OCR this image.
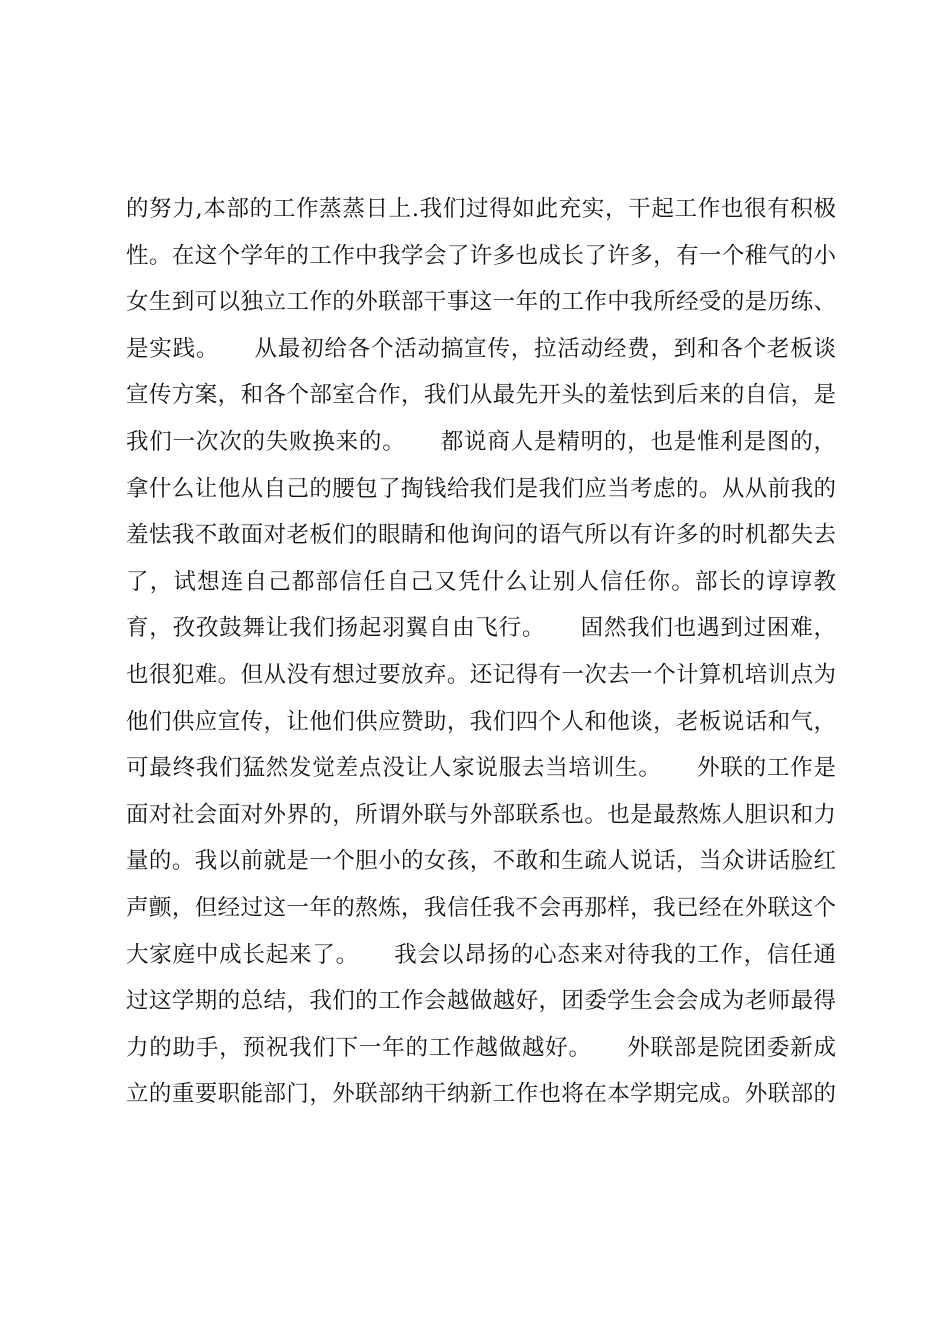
的努力,本部的工作蒸蒸日上.我们过得如此充实，干起工作也很有积极
性。在这个学年的工作中我学会了许多也成长了许多，有一个稚气的小
女生到可以独立工作的外联部干事这一年的工作中我所经受的是历练、
是实践。　　从最初给各个活动搞宣传，拉活动经费，到和各个老板谈
宣传方案，和各个部室合作，我们从最先开头的羞怯到后来的自信，是
我们一次次的失败换来的。　　都说商人是精明的，也是惟利是图的，
拿什么让他从自己的腰包了掏钱给我们是我们应当考虑的。从从前我的
羞怯我不敢面对老板们的眼睛和他询问的语气所以有许多的时机都失去
了，试想连自己都部信任自己又凭什么让别人信任你。部长的谆谆教
育，孜孜鼓舞让我们扬起羽翼自由飞行。　　固然我们也遇到过困难，
也很犯难。但从没有想过要放弃。还记得有一次去一个计算机培训点为
他们供应宣传，让他们供应赞助，我们四个人和他谈，老板说话和气，
可最终我们猛然发觉差点没让人家说服去当培训生。　　外联的工作是
面对社会面对外界的，所谓外联与外部联系也。也是最熬炼人胆识和力
量的。我以前就是一个胆小的女孩，不敢和生疏人说话，当众讲话脸红
声颤，但经过这一年的熬炼，我信任我不会再那样，我已经在外联这个
大家庭中成长起来了。　　我会以昂扬的心态来对待我的工作，信任通
过这学期的总结，我们的工作会越做越好，团委学生会会成为老师最得
力的助手，预祝我们下一年的工作越做越好。　　外联部是院团委新成
立的重要职能部门，外联部纳干纳新工作也将在本学期完成。外联部的
